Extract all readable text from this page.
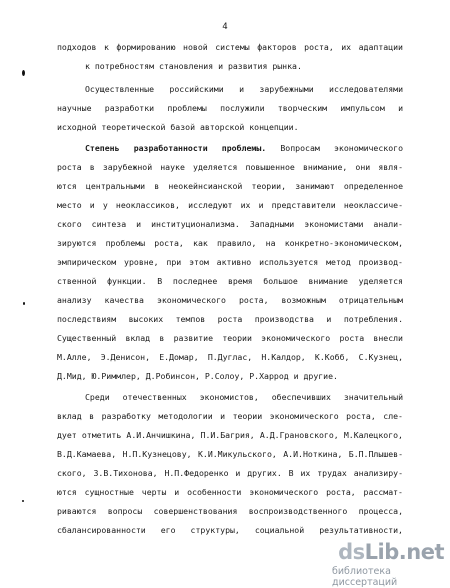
4

подходов к формированию новой системы факторов роста, их адаптации

к потребностям становления и развития рынка.

Осуществленные российскими и зарубежными исследователями

научные разработки проблемы послужили творческим импульсом и

исходной теоретической базой авторской концепции.

Степень разработанности проблемы. Вопросам экономического

роста в зарубежной науке уделяется повышенное внимание, они явля-

ются центральными в неокейнсианской теории, занимают определенное

место и у неоклассиков, исследуют их и представители неоклассиче-

ского синтеза и институционализма. Западными экономистами анали-

зируются проблемы роста, как правило, на конкретно-экономическом,

эмпирическом уровне, при этом активно используется метод производ-

ственной функции. В последнее время большое внимание уделяется

анализу качества экономического роста, возможным отрицательным

последствиям высоких темпов роста производства и потребления.

Существенный вклад в развитие теории экономического роста внесли

М.Алле, Э.Денисон, Е.Домар, П.Дуглас, Н.Калдор, К.Кобб, С.Кузнец,

Д.Мид, Ю.Риммлер, Д.Робинсон, Р.Солоу, Р.Харрод и другие.

Среди отечественных экономистов, обеспечивших значительный

вклад в разработку методологии и теории экономического роста, сле-

дует отметить А.И.Анчишкина, П.И.Багрия, А.Д.Грановского, М.Калецкого,

В.Д.Камаева, Н.П.Кузнецову, К.И.Микульского, А.И.Ноткина, Б.П.Плышев-

ского, З.В.Тихонова, Н.П.Федоренко и других. В их трудах анализиру-

ются сущностные черты и особенности экономического роста, рассмат-

риваются вопросы совершенствования воспроизводственного процесса,

сбалансированности его структуры, социальной результативности,

dsLib.net
библиотека диссертаций
